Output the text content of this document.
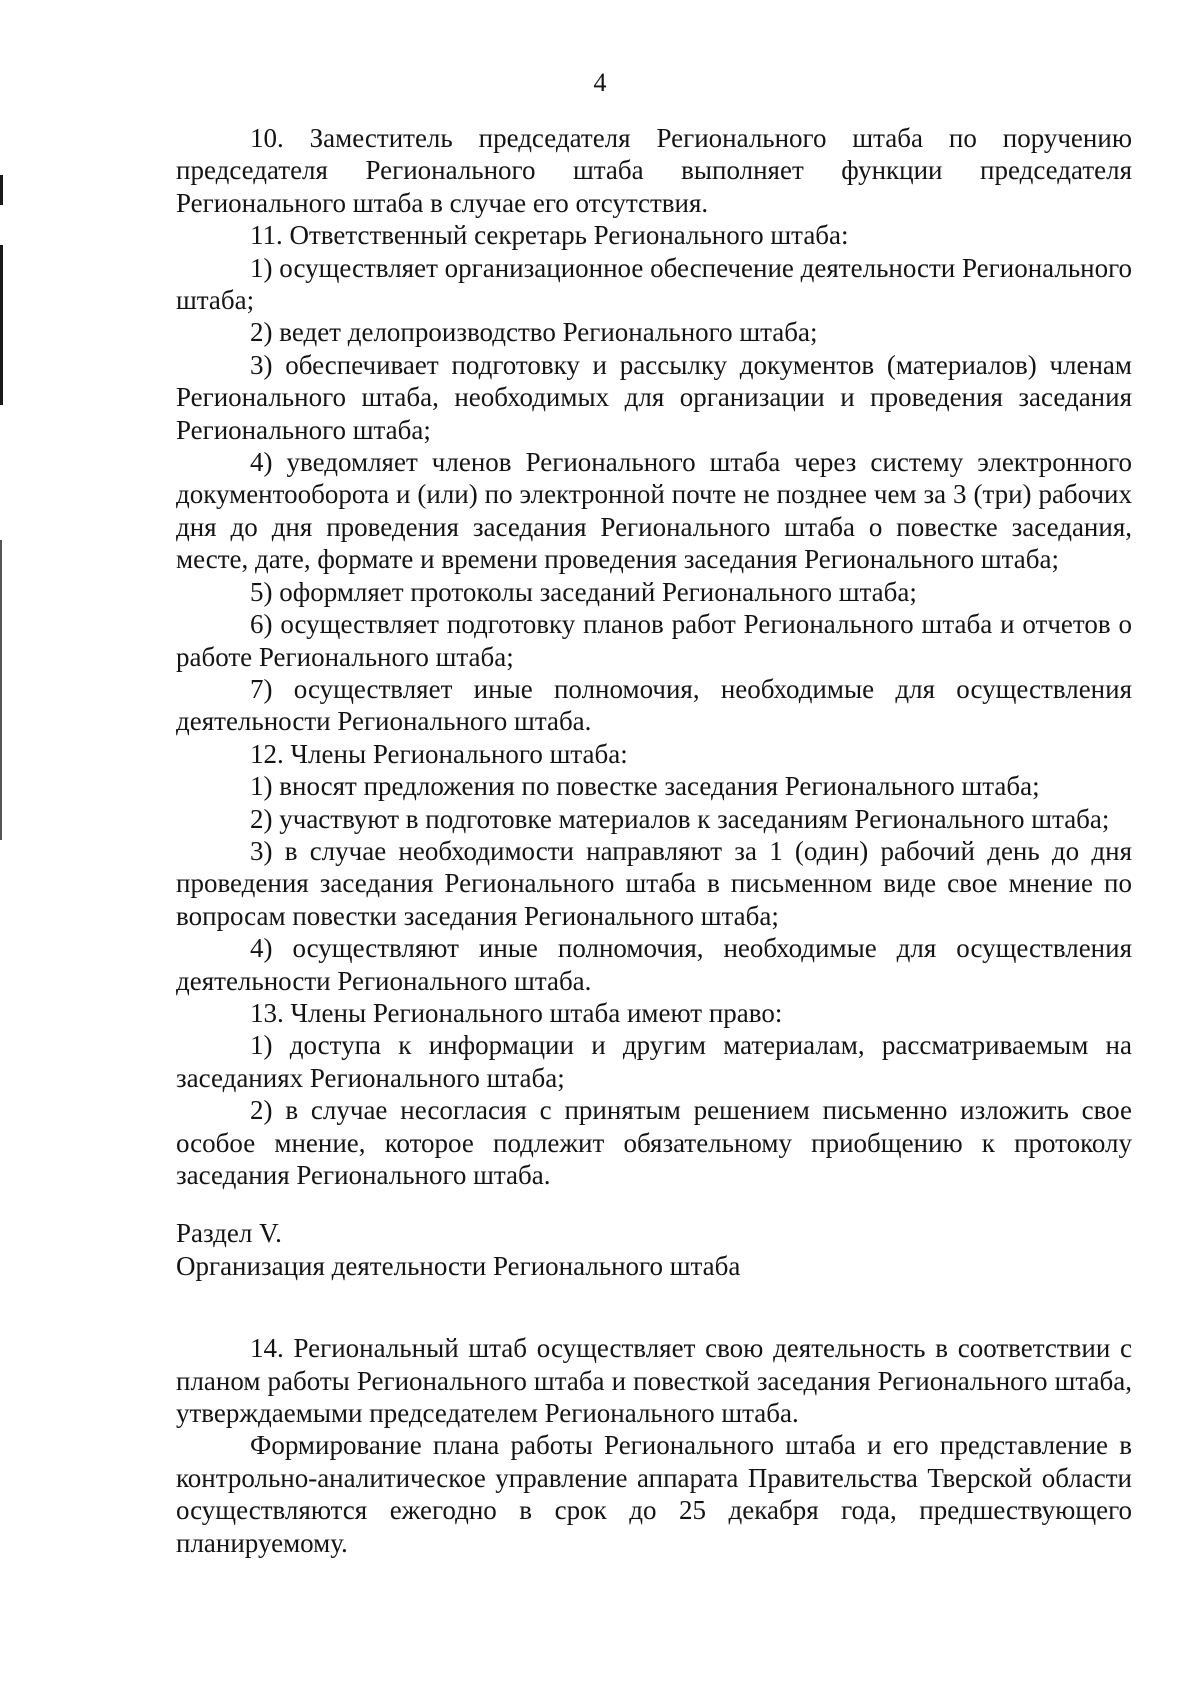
4

10. Заместитель председателя Регионального штаба по поручению председателя Регионального штаба выполняет функции председателя Регионального штаба в случае его отсутствия.

11. Ответственный секретарь Регионального штаба:

1) осуществляет организационное обеспечение деятельности Регионального штаба;

2) ведет делопроизводство Регионального штаба;

3) обеспечивает подготовку и рассылку документов (материалов) членам Регионального штаба, необходимых для организации и проведения заседания Регионального штаба;

4) уведомляет членов Регионального штаба через систему электронного документооборота и (или) по электронной почте не позднее чем за 3 (три) рабочих дня до дня проведения заседания Регионального штаба о повестке заседания, месте, дате, формате и времени проведения заседания Регионального штаба;

5) оформляет протоколы заседаний Регионального штаба;

6) осуществляет подготовку планов работ Регионального штаба и отчетов о работе Регионального штаба;

7) осуществляет иные полномочия, необходимые для осуществления деятельности Регионального штаба.

12. Члены Регионального штаба:

1) вносят предложения по повестке заседания Регионального штаба;

2) участвуют в подготовке материалов к заседаниям Регионального штаба;

3) в случае необходимости направляют за 1 (один) рабочий день до дня проведения заседания Регионального штаба в письменном виде свое мнение по вопросам повестки заседания Регионального штаба;

4) осуществляют иные полномочия, необходимые для осуществления деятельности Регионального штаба.

13. Члены Регионального штаба имеют право:

1) доступа к информации и другим материалам, рассматриваемым на заседаниях Регионального штаба;

2) в случае несогласия с принятым решением письменно изложить свое особое мнение, которое подлежит обязательному приобщению к протоколу заседания Регионального штаба.

Раздел V.

Организация деятельности Регионального штаба

14. Региональный штаб осуществляет свою деятельность в соответствии с планом работы Регионального штаба и повесткой заседания Регионального штаба, утверждаемыми председателем Регионального штаба.

Формирование плана работы Регионального штаба и его представление в контрольно-аналитическое управление аппарата Правительства Тверской области осуществляются ежегодно в срок до 25 декабря года, предшествующего планируемому.
